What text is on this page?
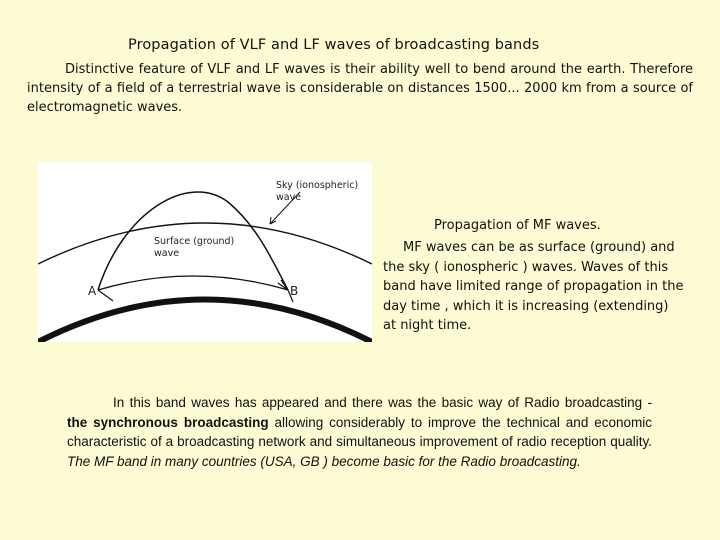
Propagation of VLF and LF waves of broadcasting bands
Distinctive feature of VLF and LF waves is their ability well to bend around the earth. Therefore intensity of a field of a terrestrial wave is considerable on distances 1500... 2000 km from a source of electromagnetic waves.
Sky (ionospheric)
wave
Surface (ground)
wave
A	B
Propagation of MF waves.
MF waves can be as surface (ground) and the sky ( ionospheric ) waves. Waves of this band have limited range of propagation in the day time , which it is increasing (extending) at night time.
In this band waves has appeared and there was the basic way of Radio broadcasting - the synchronous broadcasting allowing considerably to improve the technical and economic characteristic of a broadcasting network and simultaneous improvement of radio reception quality. The MF band in many countries (USA, GB ) become basic for the Radio broadcasting.
